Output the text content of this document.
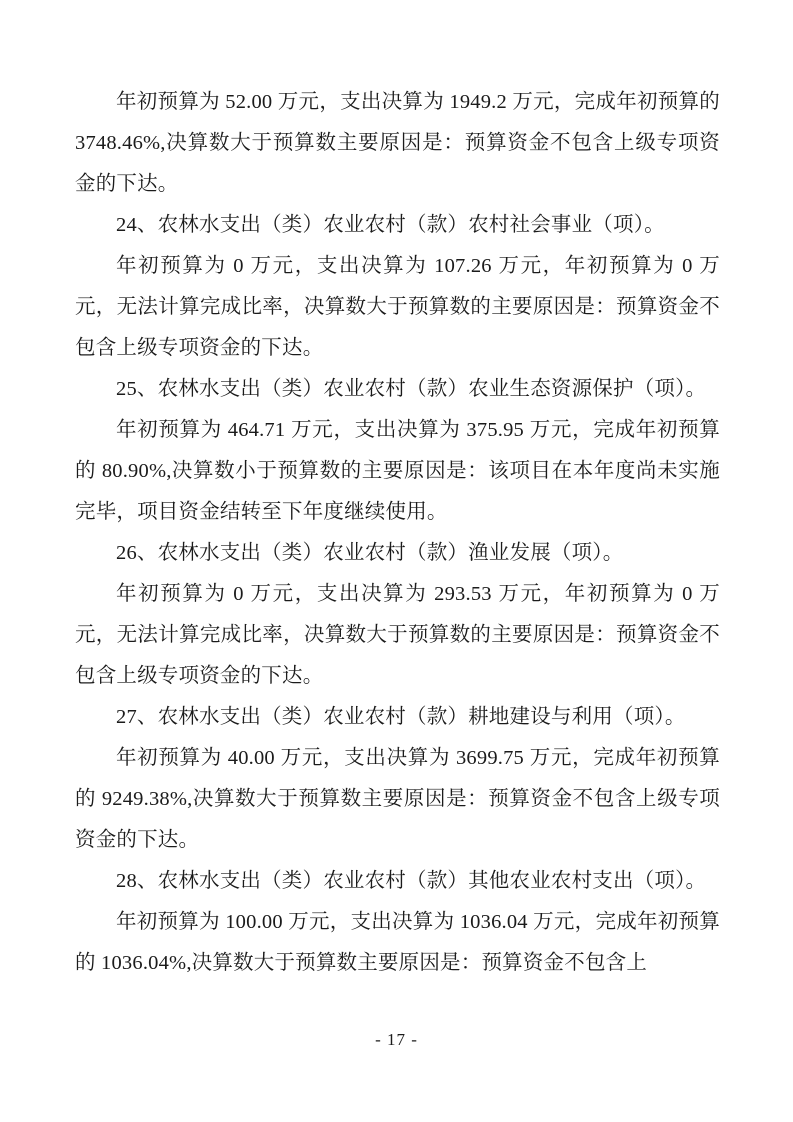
年初预算为 52.00 万元，支出决算为 1949.2 万元，完成年初预算的 3748.46%,决算数大于预算数主要原因是：预算资金不包含上级专项资金的下达。

24、农林水支出（类）农业农村（款）农村社会事业（项）。

年初预算为 0 万元，支出决算为 107.26 万元，年初预算为 0 万元，无法计算完成比率，决算数大于预算数的主要原因是：预算资金不包含上级专项资金的下达。

25、农林水支出（类）农业农村（款）农业生态资源保护（项）。

年初预算为 464.71 万元，支出决算为 375.95 万元，完成年初预算的 80.90%,决算数小于预算数的主要原因是：该项目在本年度尚未实施完毕，项目资金结转至下年度继续使用。

26、农林水支出（类）农业农村（款）渔业发展（项）。

年初预算为 0 万元，支出决算为 293.53 万元，年初预算为 0 万元，无法计算完成比率，决算数大于预算数的主要原因是：预算资金不包含上级专项资金的下达。

27、农林水支出（类）农业农村（款）耕地建设与利用（项）。

年初预算为 40.00 万元，支出决算为 3699.75 万元，完成年初预算的 9249.38%,决算数大于预算数主要原因是：预算资金不包含上级专项资金的下达。

28、农林水支出（类）农业农村（款）其他农业农村支出（项）。

年初预算为 100.00 万元，支出决算为 1036.04 万元，完成年初预算的 1036.04%,决算数大于预算数主要原因是：预算资金不包含上

- 17 -
